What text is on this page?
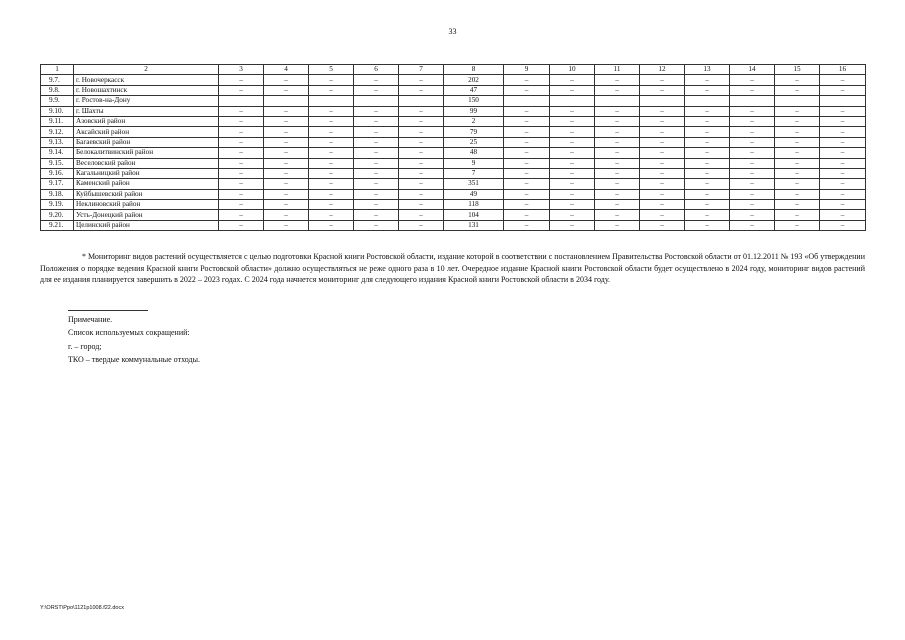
33
1	2	3	4	5	6	7	8	9	10	11	12	13	14	15	16
9.7.	г. Новочеркасск	–	–	–	–	–	202	–	–	–	–	–	–	–	–
9.8.	г. Новошахтинск	–	–	–	–	–	47	–	–	–	–	–	–	–	–
9.9.	г. Ростов-на-Дону						150								
9.10.	г. Шахты	–	–	–	–	–	99	–	–	–	–	–	–	–	–
9.11.	Азовский район	–	–	–	–	–	2	–	–	–	–	–	–	–	–
9.12.	Аксайский район	–	–	–	–	–	79	–	–	–	–	–	–	–	–
9.13.	Багаевский район	–	–	–	–	–	25	–	–	–	–	–	–	–	–
9.14.	Белокалитвинский район	–	–	–	–	–	48	–	–	–	–	–	–	–	–
9.15.	Веселовский район	–	–	–	–	–	9	–	–	–	–	–	–	–	–
9.16.	Кагальницкий район	–	–	–	–	–	7	–	–	–	–	–	–	–	–
9.17.	Каменский район	–	–	–	–	–	351	–	–	–	–	–	–	–	–
9.18.	Куйбышевский район	–	–	–	–	–	49	–	–	–	–	–	–	–	–
9.19.	Неклиновский район	–	–	–	–	–	118	–	–	–	–	–	–	–	–
9.20.	Усть-Донецкий район	–	–	–	–	–	104	–	–	–	–	–	–	–	–
9.21.	Целинский район	–	–	–	–	–	131	–	–	–	–	–	–	–	–

* Мониторинг видов растений осуществляется с целью подготовки Красной книги Ростовской области, издание которой в соответствии с постановлением Правительства Ростовской области от 01.12.2011 № 193 «Об утверждении Положения о порядке ведения Красной книги Ростовской области» должно осуществляться не реже одного раза в 10 лет. Очередное издание Красной книги Ростовской области будет осуществлено в 2024 году, мониторинг видов растений для ее издания планируется завершить в 2022 – 2023 годах. С 2024 года начнется мониторинг для следующего издания Красной книги Ростовской области в 2034 году.

Примечание.
Список используемых сокращений:
г. – город;
ТКО – твердые коммунальные отходы.
Y:\ORST\Ppo\1121p1008.f22.docx
